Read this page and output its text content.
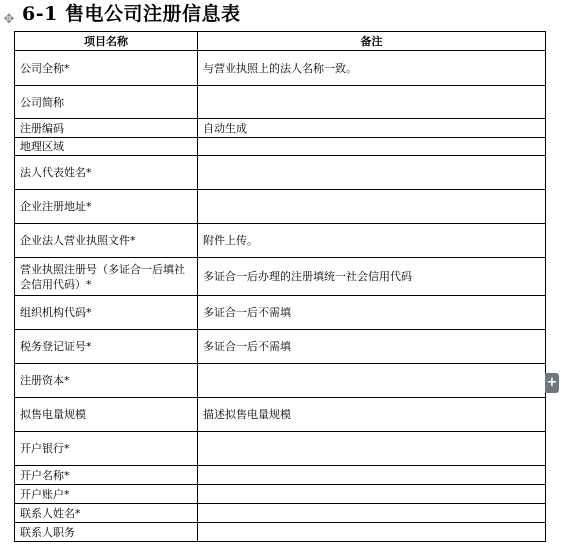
✥ 6-1 售电公司注册信息表
项目名称	备注
公司全称*	与营业执照上的法人名称一致。
公司简称	
注册编码	自动生成
地理区域	
法人代表姓名*	
企业注册地址*	
企业法人营业执照文件*	附件上传。
营业执照注册号（多证合一后填社会信用代码）*	多证合一后办理的注册填统一社会信用代码
组织机构代码*	多证合一后不需填
税务登记证号*	多证合一后不需填
注册资本*	
拟售电量规模	描述拟售电量规模
开户银行*	
开户名称*	
开户账户*	
联系人姓名*	
联系人职务	
+
